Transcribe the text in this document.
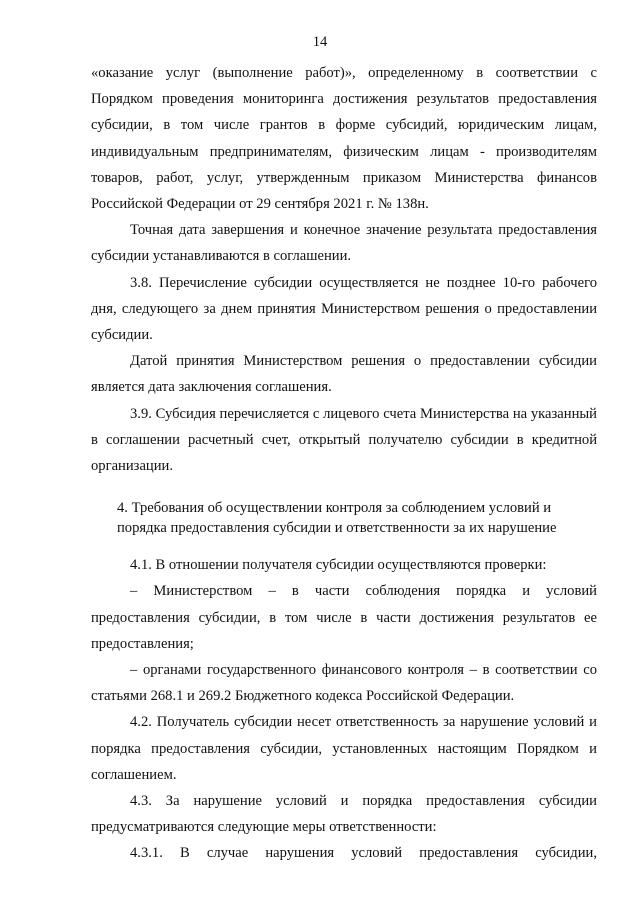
14

«оказание услуг (выполнение работ)», определенному в соответствии с Порядком проведения мониторинга достижения результатов предоставления субсидии, в том числе грантов в форме субсидий, юридическим лицам, индивидуальным предпринимателям, физическим лицам - производителям товаров, работ, услуг, утвержденным приказом Министерства финансов Российской Федерации от 29 сентября 2021 г. № 138н.

Точная дата завершения и конечное значение результата предоставления субсидии устанавливаются в соглашении.

3.8. Перечисление субсидии осуществляется не позднее 10-го рабочего дня, следующего за днем принятия Министерством решения о предоставлении субсидии.

Датой принятия Министерством решения о предоставлении субсидии является дата заключения соглашения.

3.9. Субсидия перечисляется с лицевого счета Министерства на указанный в соглашении расчетный счет, открытый получателю субсидии в кредитной организации.

4. Требования об осуществлении контроля за соблюдением условий и порядка предоставления субсидии и ответственности за их нарушение

4.1. В отношении получателя субсидии осуществляются проверки:

– Министерством – в части соблюдения порядка и условий предоставления субсидии, в том числе в части достижения результатов ее предоставления;

– органами государственного финансового контроля – в соответствии со статьями 268.1 и 269.2 Бюджетного кодекса Российской Федерации.

4.2. Получатель субсидии несет ответственность за нарушение условий и порядка предоставления субсидии, установленных настоящим Порядком и соглашением.

4.3. За нарушение условий и порядка предоставления субсидии предусматриваются следующие меры ответственности:

4.3.1. В случае нарушения условий предоставления субсидии,
